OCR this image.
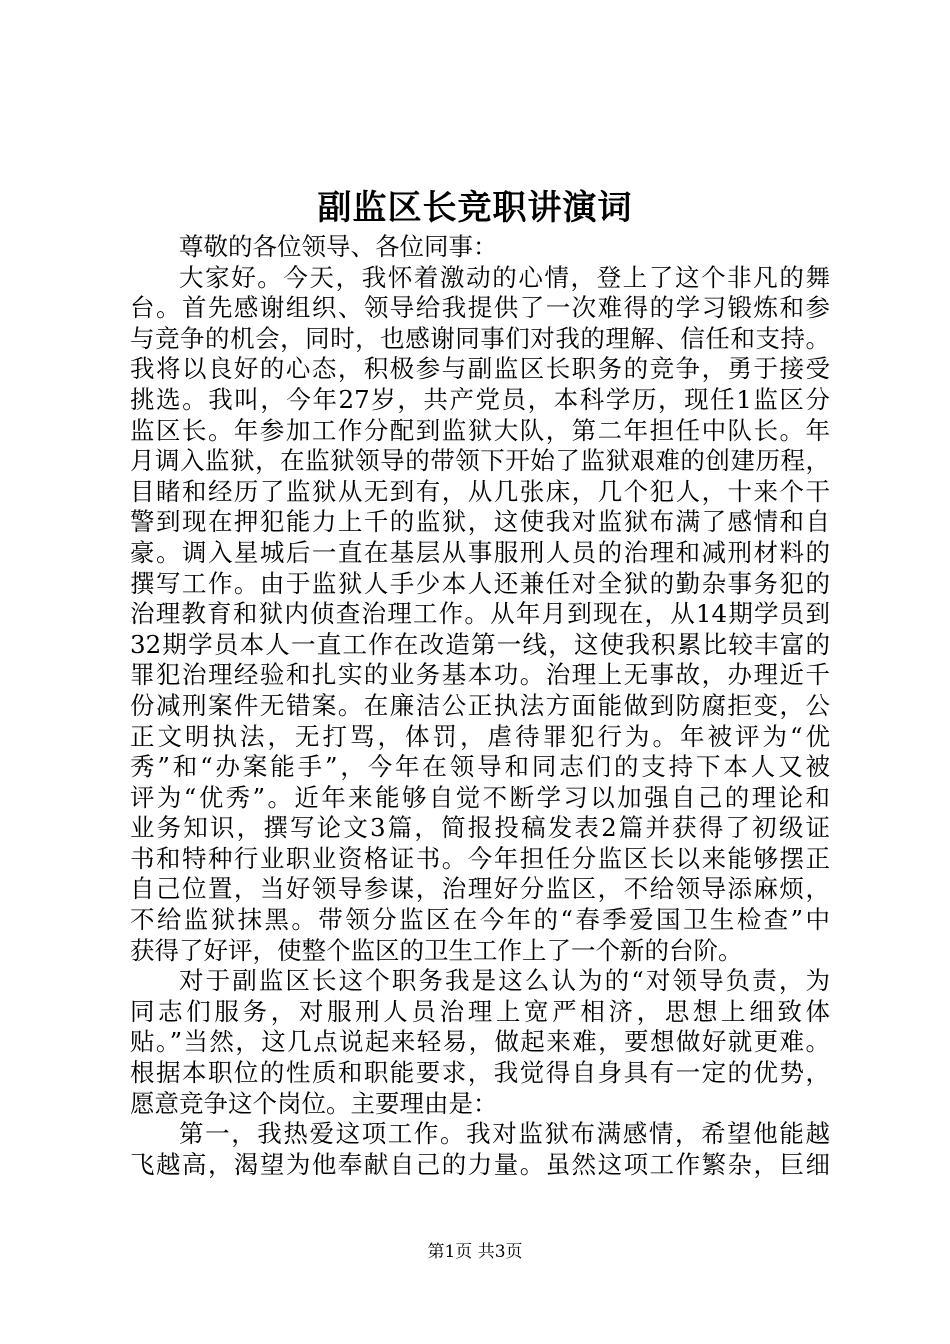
副监区长竞职讲演词
尊敬的各位领导、各位同事：
大家好。今天，我怀着激动的心情，登上了这个非凡的舞
台。首先感谢组织、领导给我提供了一次难得的学习锻炼和参
与竞争的机会，同时，也感谢同事们对我的理解、信任和支持。
我将以良好的心态，积极参与副监区长职务的竞争，勇于接受
挑选。我叫，今年27岁，共产党员，本科学历，现任1监区分
监区长。年参加工作分配到监狱大队，第二年担任中队长。年
月调入监狱，在监狱领导的带领下开始了监狱艰难的创建历程，
目睹和经历了监狱从无到有，从几张床，几个犯人，十来个干
警到现在押犯能力上千的监狱，这使我对监狱布满了感情和自
豪。调入星城后一直在基层从事服刑人员的治理和减刑材料的
撰写工作。由于监狱人手少本人还兼任对全狱的勤杂事务犯的
治理教育和狱内侦查治理工作。从年月到现在，从14期学员到
32期学员本人一直工作在改造第一线，这使我积累比较丰富的
罪犯治理经验和扎实的业务基本功。治理上无事故，办理近千
份减刑案件无错案。在廉洁公正执法方面能做到防腐拒变，公
正文明执法，无打骂，体罚，虐待罪犯行为。年被评为“优
秀”和“办案能手”，今年在领导和同志们的支持下本人又被
评为“优秀”。近年来能够自觉不断学习以加强自己的理论和
业务知识，撰写论文3篇，简报投稿发表2篇并获得了初级证
书和特种行业职业资格证书。今年担任分监区长以来能够摆正
自己位置，当好领导参谋，治理好分监区，不给领导添麻烦，
不给监狱抹黑。带领分监区在今年的“春季爱国卫生检查”中
获得了好评，使整个监区的卫生工作上了一个新的台阶。
对于副监区长这个职务我是这么认为的“对领导负责，为
同志们服务，对服刑人员治理上宽严相济，思想上细致体
贴。”当然，这几点说起来轻易，做起来难，要想做好就更难。
根据本职位的性质和职能要求，我觉得自身具有一定的优势，
愿意竞争这个岗位。主要理由是：
第一，我热爱这项工作。我对监狱布满感情，希望他能越
飞越高，渴望为他奉献自己的力量。虽然这项工作繁杂，巨细
第1页 共3页
